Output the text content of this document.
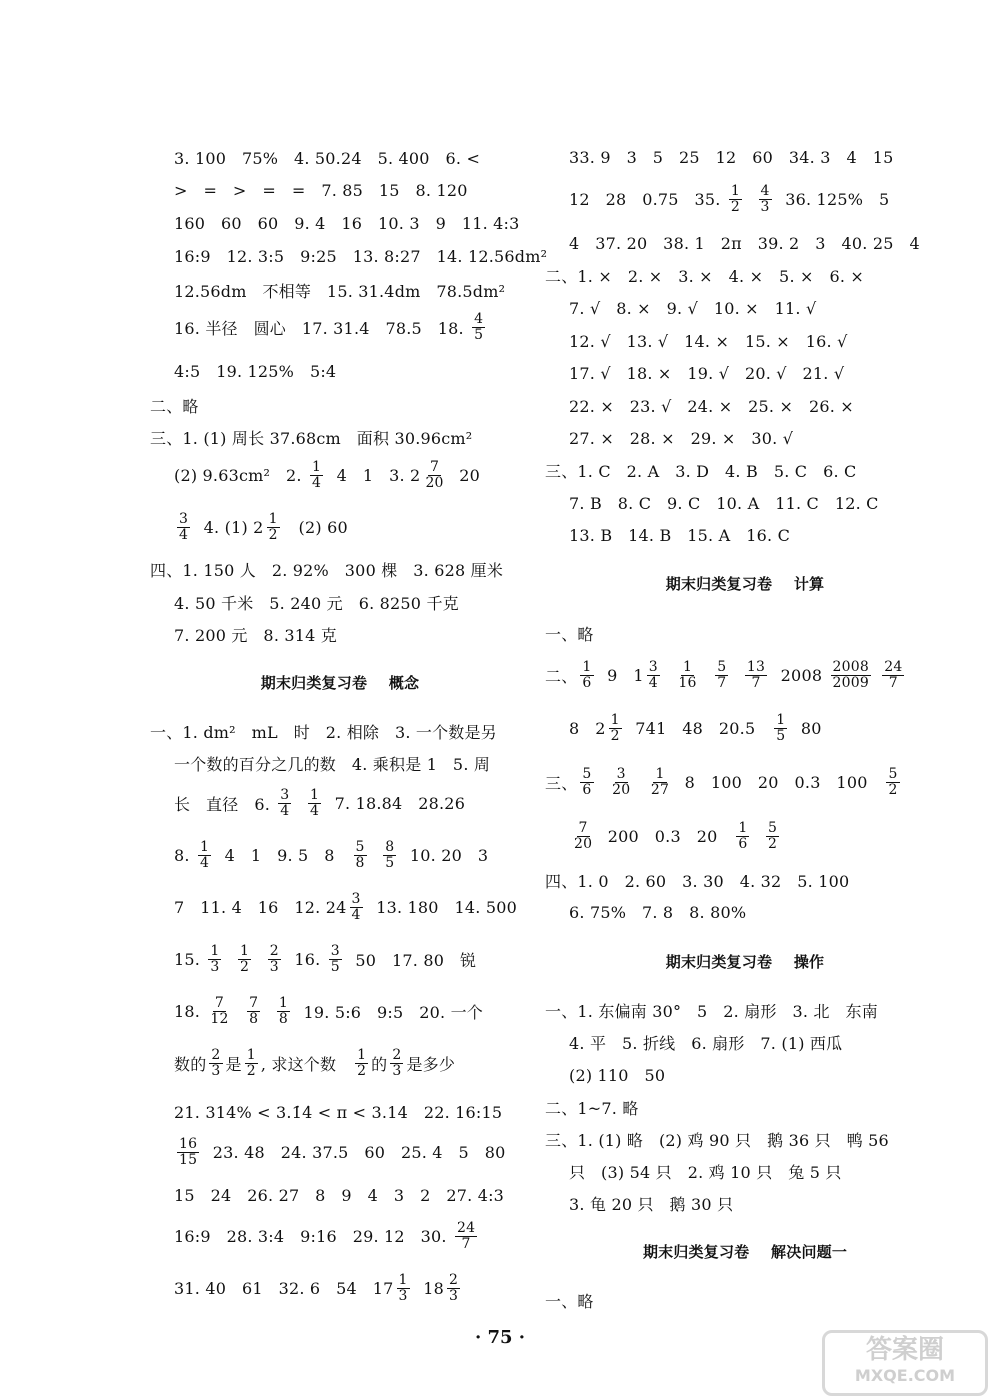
3. 100   75%   4. 50.24   5. 400   6. <
>   =   >   =   =   7. 85   15   8. 120
160   60   60   9. 4   16   10. 3   9   11. 4:3
16:9   12. 3:5   9:25   13. 8:27   14. 12.56dm²
12.56dm   不相等   15. 31.4dm   78.5dm²
16. 半径   圆心   17. 31.4   78.5   18. $\frac{4}{5}$
4:5   19. 125%   5:4
二、略
三、1. (1) 周长 37.68cm   面积 30.96cm²
(2) 9.63cm²   2. $\frac{1}{4} 4$   1   3. $2 \frac{7}{20} 20$
$\frac{3}{4} 4$. (1) $2 \frac{1}{2} (2)$ 60
四、1. 150 人   2. 92%   300 棵   3. 628 厘米
4. 50 千米   5. 240 元   6. 8250 千克
7. 200 元   8. 314 克
期末归类复习卷    概念
一、1. dm²   mL   时   2. 相除   3. 一个数是另
一个数的百分之几的数   4. 乘积是 1   5. 周
长   直径   6. $\frac{3}{4}$
$\frac{1}{4} 7$. 18.84   28.26
8. $\frac{1}{4} 4$   1   9. 5   $8 \frac{5}{8}$
$\frac{8}{5} 10$. 20   3
7   11. 4   16   12. $24 \frac{3}{4} 13$. 180   14. 500
15. $\frac{1}{3}$
$\frac{1}{2}$
$\frac{2}{3} 16$. $\frac{3}{5} 50$   17. 80   锐
18. $\frac{7}{12}$
$\frac{7}{8}$
$\frac{1}{8} 19$. 5:6   9:5   20. 一个
数的 $\frac{2}{3}$ 是 $\frac{1}{2}$ , 求这个数 $\frac{1}{2}$ 的 $\frac{2}{3}$ 是多少
21. 314% < 3.1̇4̇ < π < 3.14   22. 16:15
$\frac{16}{15} 23$. 48   24. 37.5   60   25. 4   5   80
15   24   26. 27   8   9   4   3   2   27. 4:3
16:9   28. 3:4   9:16   29. 12   30. $\frac{24}{7}$
31. 40   61   32. 6   54   $17 \frac{1}{3} 18 \frac{2}{3}$
33. 9   3   5   25   12   60   34. 3   4   15
12   28   0.75   35. $\frac{1}{2}$
$\frac{4}{3} 36$. 125%   5
4   37. 20   38. 1   2π   39. 2   3   40. 25   4
二、1. ×   2. ×   3. ×   4. ×   5. ×   6. ×
7. √   8. ×   9. √   10. ×   11. √
12. √   13. √   14. ×   15. ×   16. √
17. √   18. ×   19. √   20. √   21. √
22. ×   23. √   24. ×   25. ×   26. ×
27. ×   28. ×   29. ×   30. √
三、1. C   2. A   3. D   4. B   5. C   6. C
7. B   8. C   9. C   10. A   11. C   12. C
13. B   14. B   15. A   16. C
期末归类复习卷    计算
一、略
二、 $\frac{1}{6} 9$   $1 \frac{3}{4}$
$\frac{1}{16}$
$\frac{5}{7}$
$\frac{13}{7} 2008 \frac{2008}{2009}$
$\frac{24}{7}$
8   $2 \frac{1}{2} 741$   48   $20.5 \frac{1}{5} 80$
三、 $\frac{5}{6}$
$\frac{3}{20}$
$\frac{1}{27} 8$   100   20   0.3   $100 \frac{5}{2}$
$\frac{7}{20} 200$   0.3   $20 \frac{1}{6}$
$\frac{5}{2}$
四、1. 0   2. 60   3. 30   4. 32   5. 100
6. 75%   7. 8   8. 80%
期末归类复习卷    操作
一、1. 东偏南 30°   5   2. 扇形   3. 北   东南
4. 平   5. 折线   6. 扇形   7. (1) 西瓜
(2) 110   50
二、1~7. 略
三、1. (1) 略   (2) 鸡 90 只   鹅 36 只   鸭 56
只   (3) 54 只   2. 鸡 10 只   兔 5 只
3. 龟 20 只   鹅 30 只
期末归类复习卷    解决问题一
一、略
· 75 ·	答案圈
MXQE.COM
